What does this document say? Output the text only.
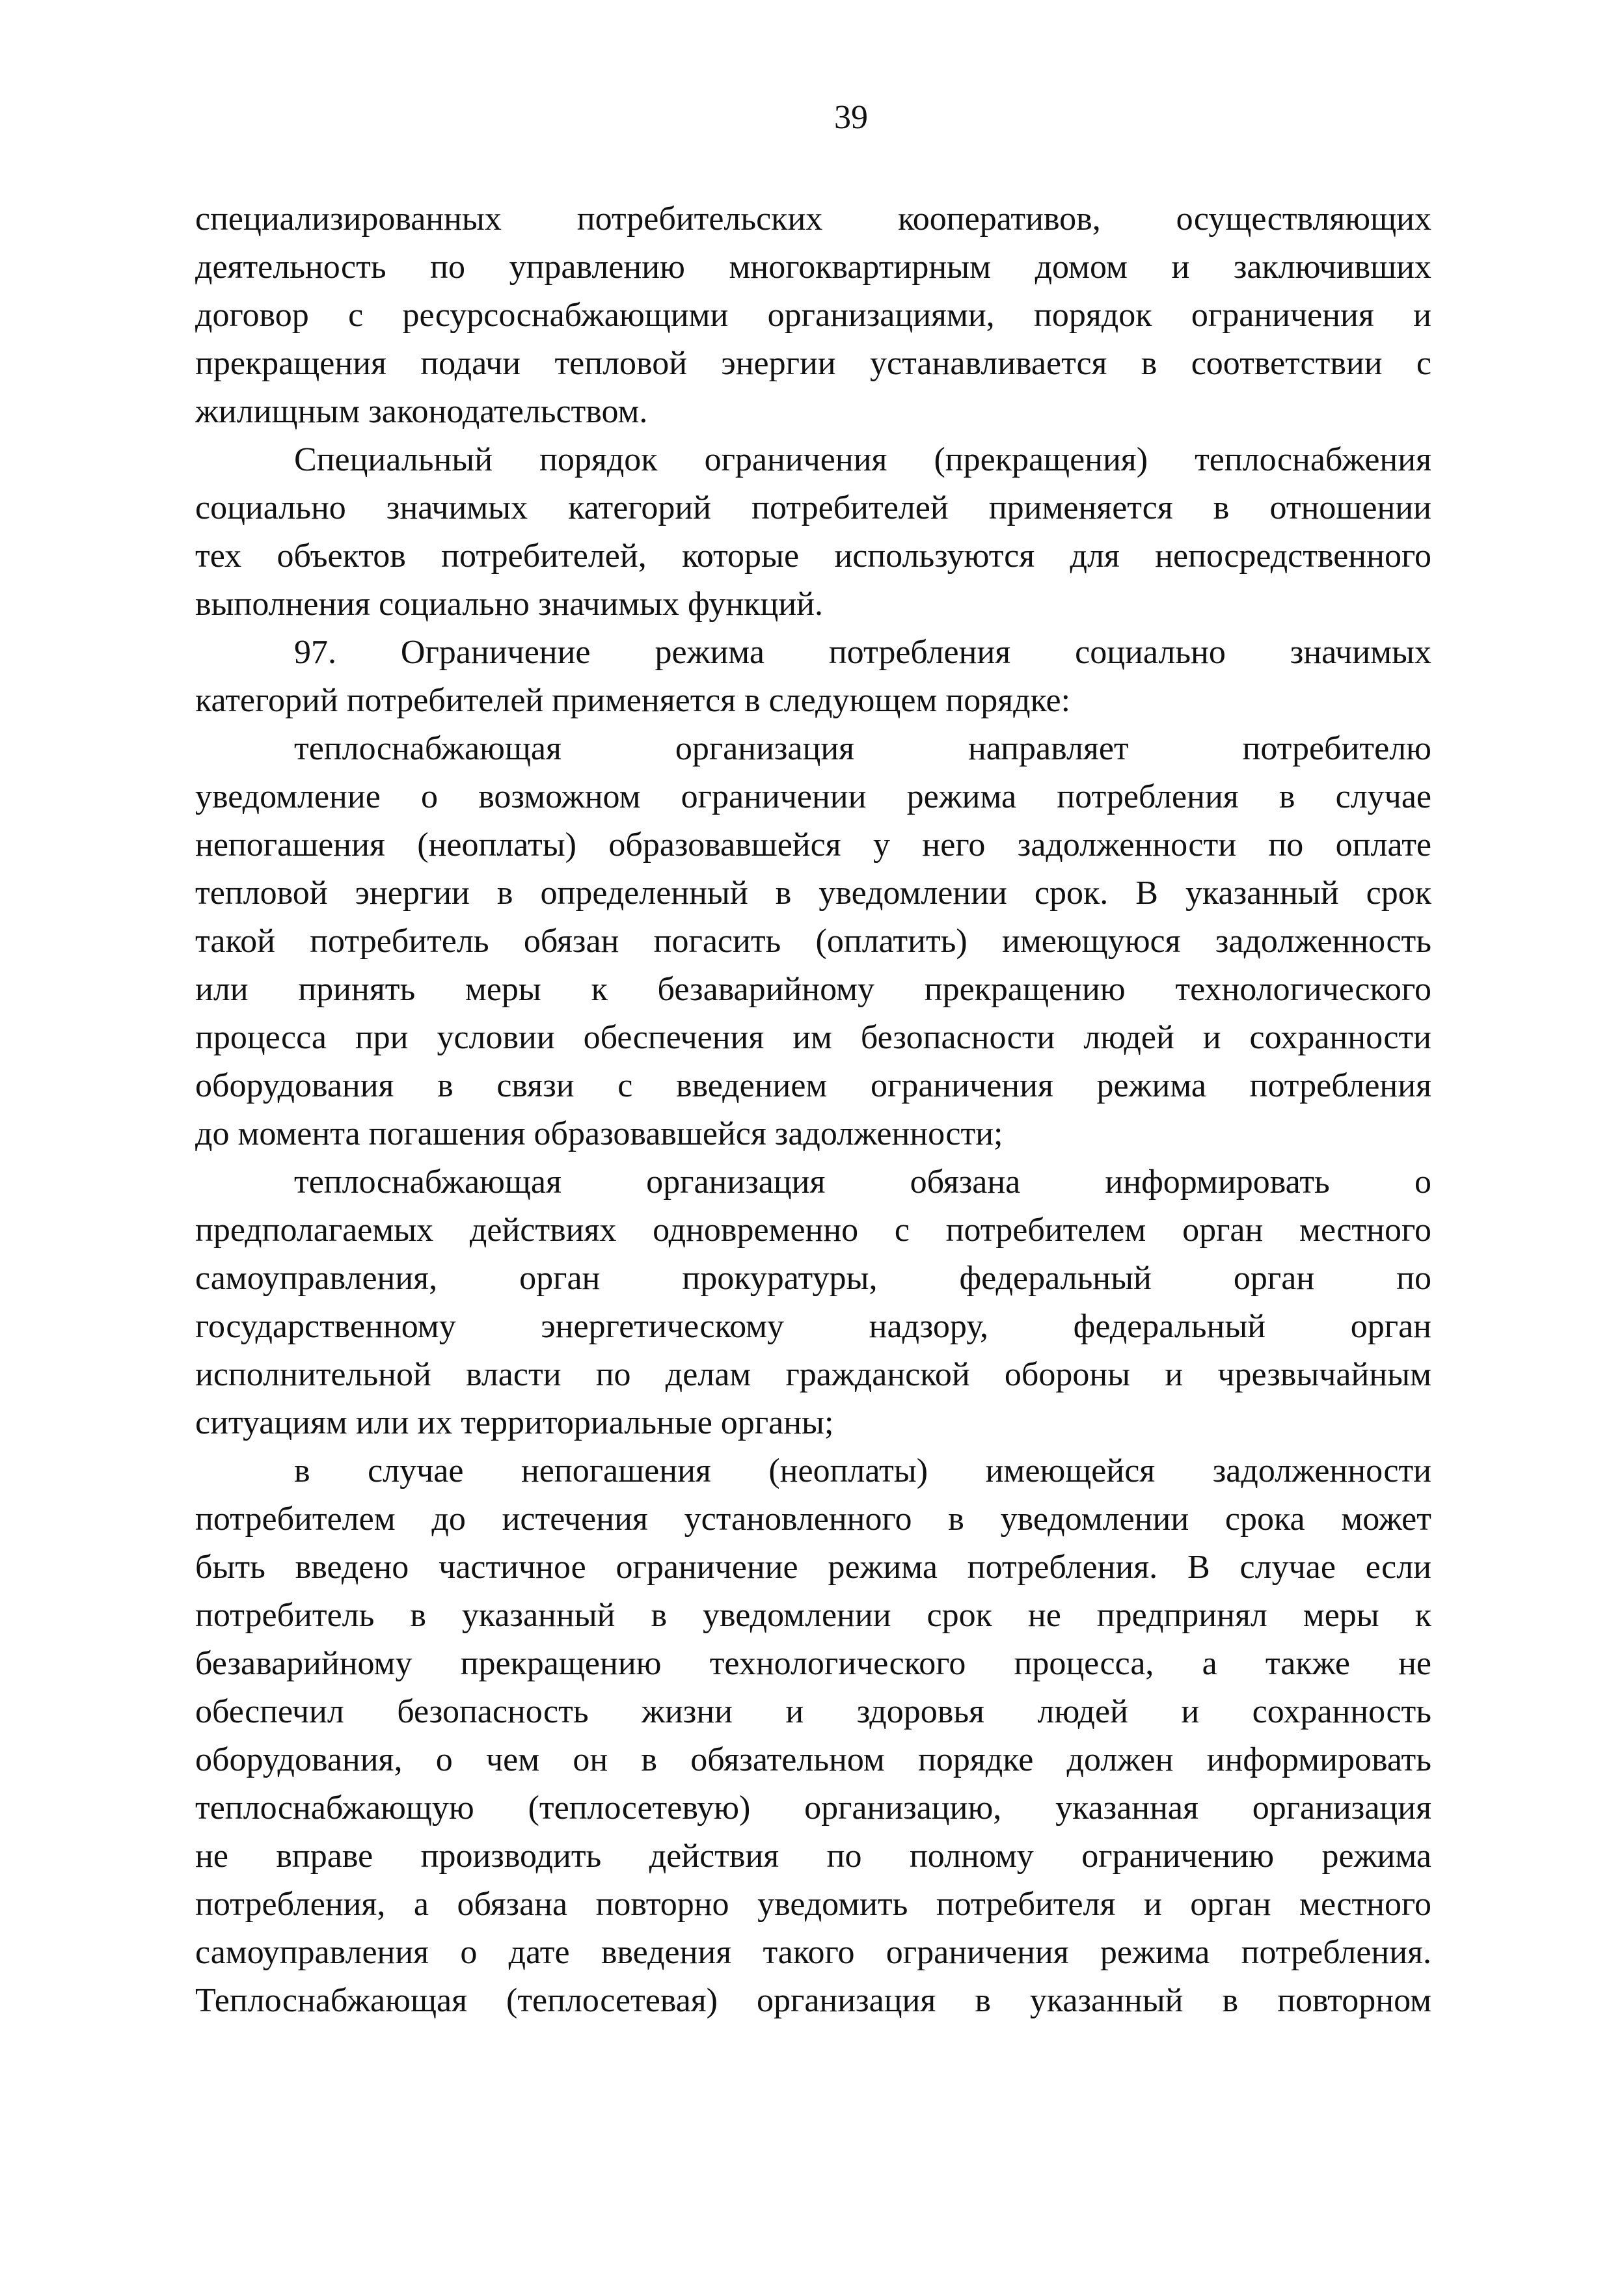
39
специализированных потребительских кооперативов, осуществляющих
деятельность по управлению многоквартирным домом и заключивших
договор с ресурсоснабжающими организациями, порядок ограничения и
прекращения подачи тепловой энергии устанавливается в соответствии с
жилищным законодательством.
Специальный порядок ограничения (прекращения) теплоснабжения
социально значимых категорий потребителей применяется в отношении
тех объектов потребителей, которые используются для непосредственного
выполнения социально значимых функций.
97. Ограничение режима потребления социально значимых
категорий потребителей применяется в следующем порядке:
теплоснабжающая организация направляет потребителю
уведомление о возможном ограничении режима потребления в случае
непогашения (неоплаты) образовавшейся у него задолженности по оплате
тепловой энергии в определенный в уведомлении срок. В указанный срок
такой потребитель обязан погасить (оплатить) имеющуюся задолженность
или принять меры к безаварийному прекращению технологического
процесса при условии обеспечения им безопасности людей и сохранности
оборудования в связи с введением ограничения режима потребления
до момента погашения образовавшейся задолженности;
теплоснабжающая организация обязана информировать о
предполагаемых действиях одновременно с потребителем орган местного
самоуправления, орган прокуратуры, федеральный орган по
государственному энергетическому надзору, федеральный орган
исполнительной власти по делам гражданской обороны и чрезвычайным
ситуациям или их территориальные органы;
в случае непогашения (неоплаты) имеющейся задолженности
потребителем до истечения установленного в уведомлении срока может
быть введено частичное ограничение режима потребления. В случае если
потребитель в указанный в уведомлении срок не предпринял меры к
безаварийному прекращению технологического процесса, а также не
обеспечил безопасность жизни и здоровья людей и сохранность
оборудования, о чем он в обязательном порядке должен информировать
теплоснабжающую (теплосетевую) организацию, указанная организация
не вправе производить действия по полному ограничению режима
потребления, а обязана повторно уведомить потребителя и орган местного
самоуправления о дате введения такого ограничения режима потребления.
Теплоснабжающая (теплосетевая) организация в указанный в повторном
